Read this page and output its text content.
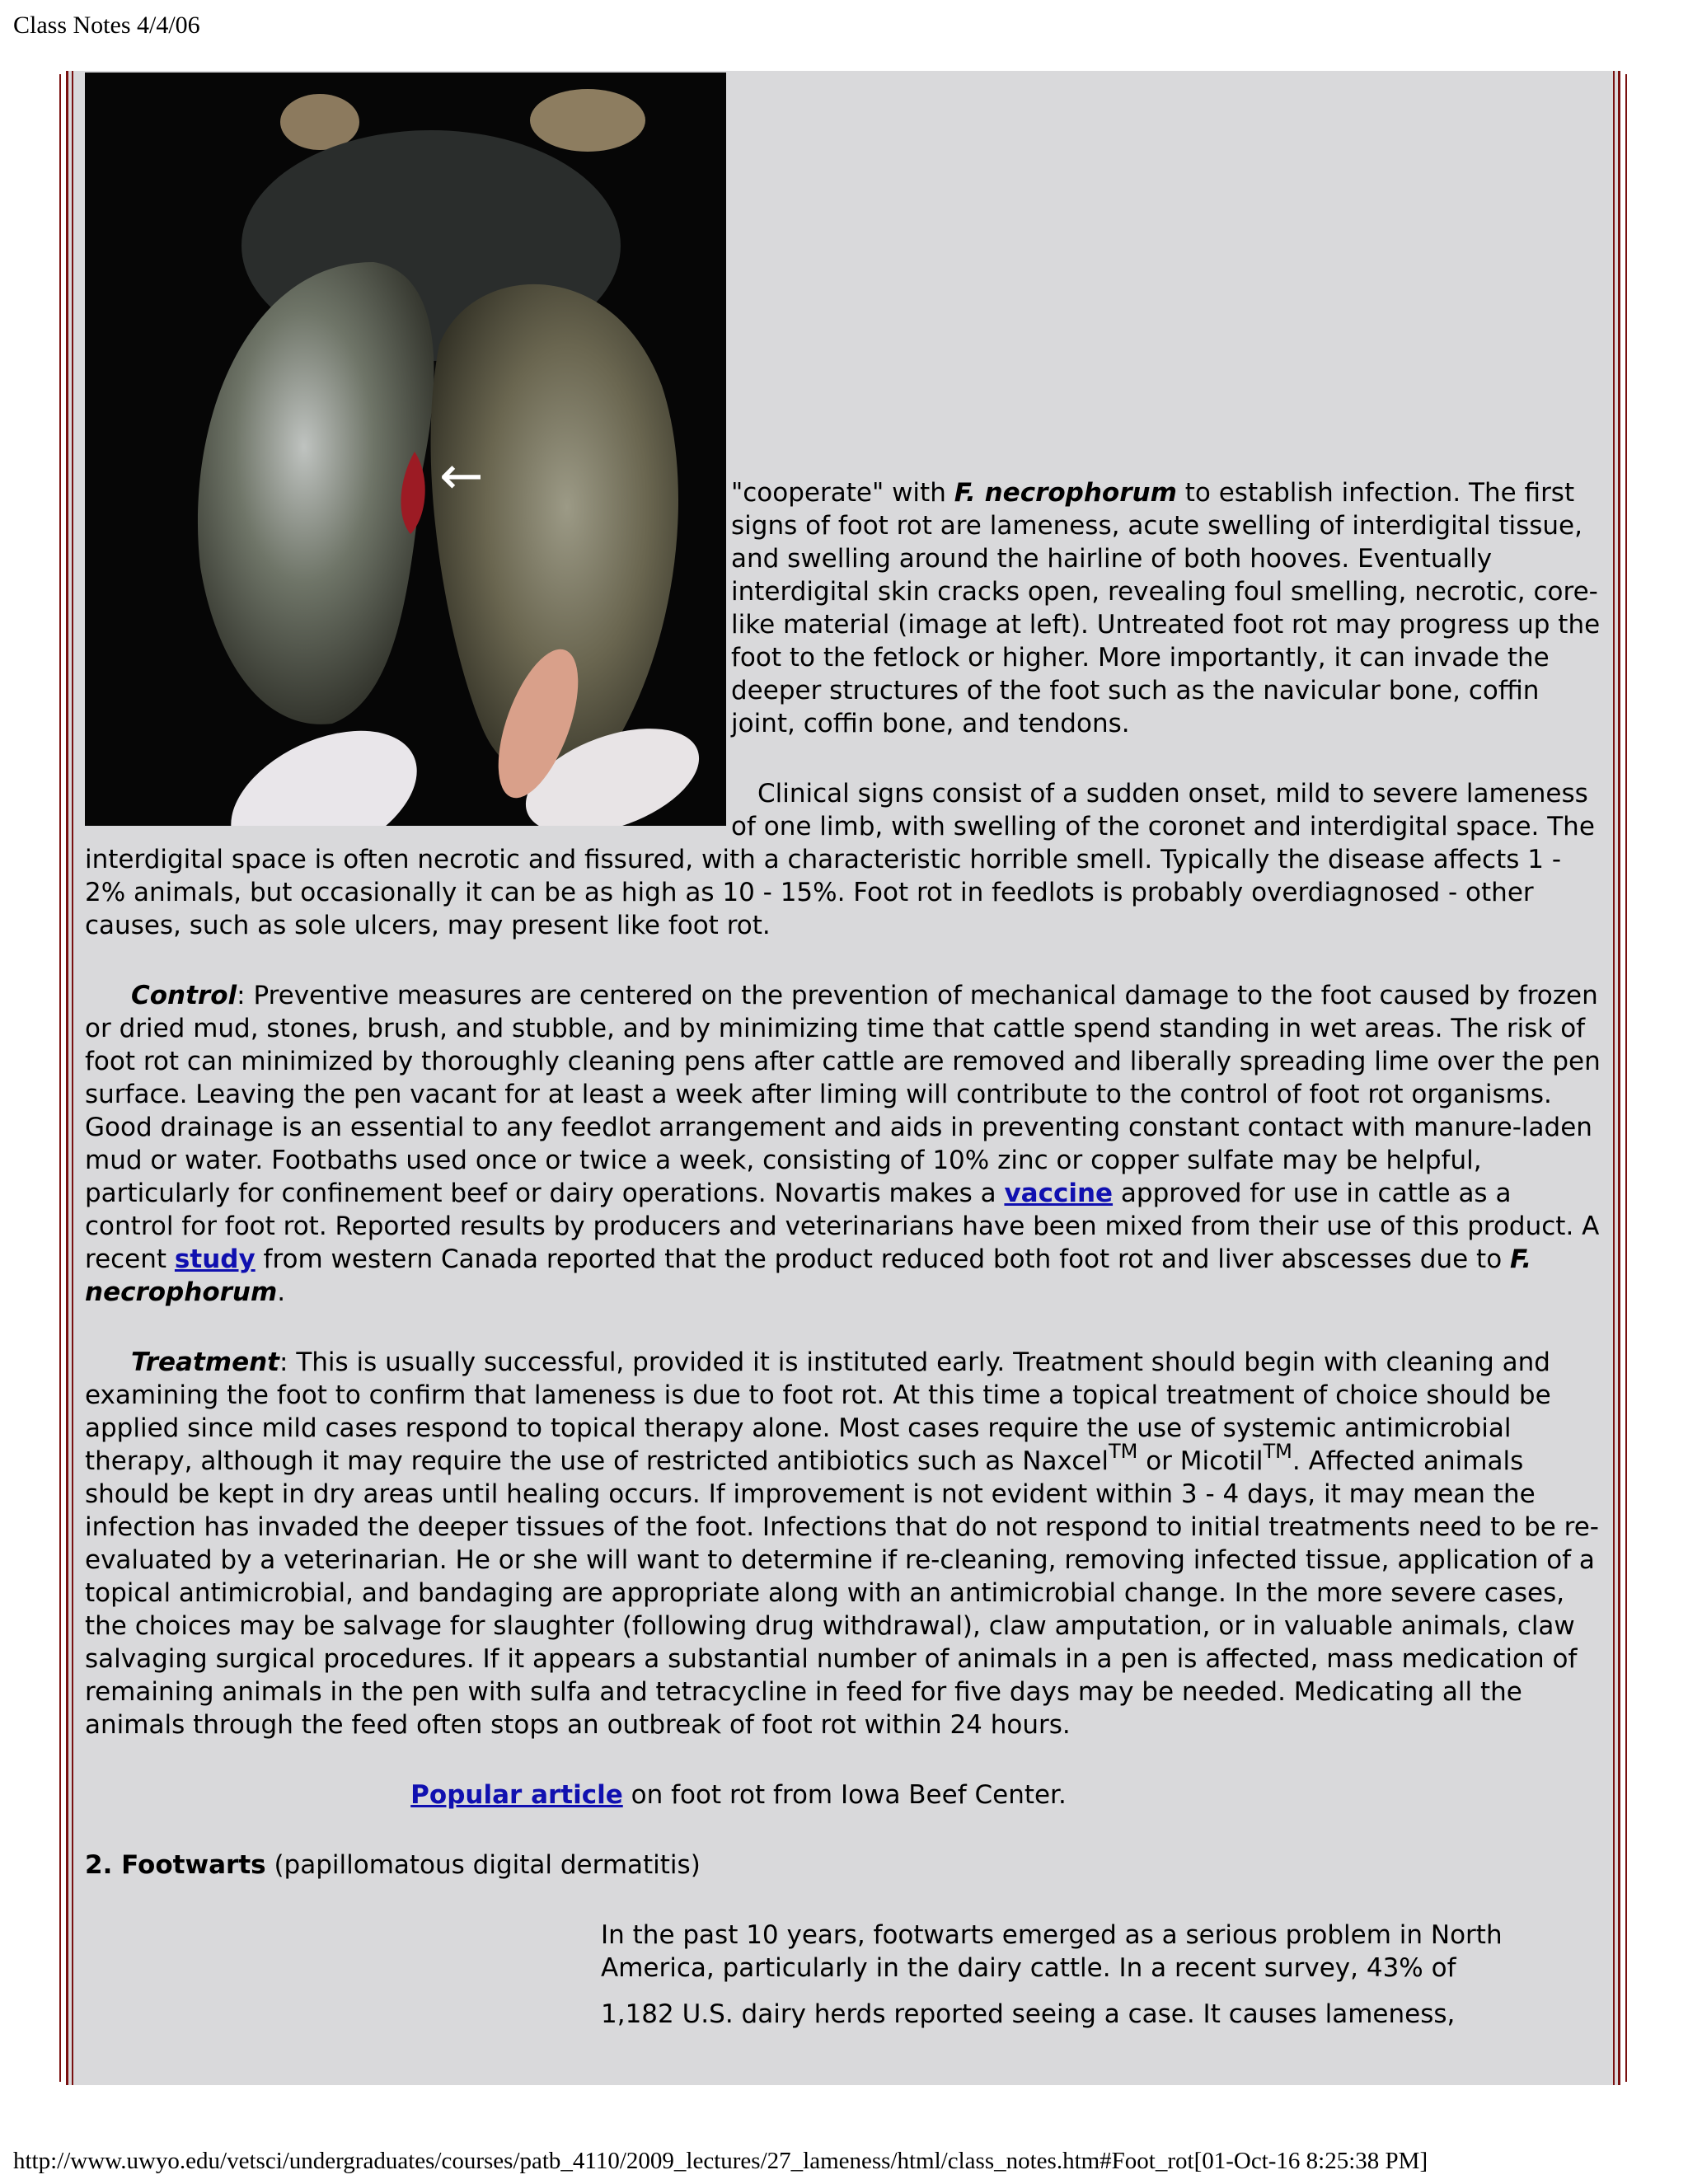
Class Notes 4/4/06
←	"cooperate" with F. necrophorum to establish infection. The first signs of foot rot are lameness, acute swelling of interdigital tissue, and swelling around the hairline of both hooves. Eventually interdigital skin cracks open, revealing foul smelling, necrotic, core-like material (image at left). Untreated foot rot may progress up the foot to the fetlock or higher. More importantly, it can invade the deeper structures of the foot such as the navicular bone, coffin joint, coffin bone, and tendons.

Clinical signs consist of a sudden onset, mild to severe lameness of one limb, with swelling of the coronet and interdigital space. The interdigital space is often necrotic and fissured, with a characteristic horrible smell. Typically the disease affects 1 - 2% animals, but occasionally it can be as high as 10 - 15%. Foot rot in feedlots is probably overdiagnosed - other causes, such as sole ulcers, may present like foot rot.

Control: Preventive measures are centered on the prevention of mechanical damage to the foot caused by frozen or dried mud, stones, brush, and stubble, and by minimizing time that cattle spend standing in wet areas. The risk of foot rot can minimized by thoroughly cleaning pens after cattle are removed and liberally spreading lime over the pen surface. Leaving the pen vacant for at least a week after liming will contribute to the control of foot rot organisms. Good drainage is an essential to any feedlot arrangement and aids in preventing constant contact with manure-laden mud or water. Footbaths used once or twice a week, consisting of 10% zinc or copper sulfate may be helpful, particularly for confinement beef or dairy operations. Novartis makes a vaccine approved for use in cattle as a control for foot rot. Reported results by producers and veterinarians have been mixed from their use of this product. A recent study from western Canada reported that the product reduced both foot rot and liver abscesses due to F. necrophorum.

Treatment: This is usually successful, provided it is instituted early. Treatment should begin with cleaning and examining the foot to confirm that lameness is due to foot rot. At this time a topical treatment of choice should be applied since mild cases respond to topical therapy alone. Most cases require the use of systemic antimicrobial therapy, although it may require the use of restricted antibiotics such as Naxcel™ or Micotil™. Affected animals should be kept in dry areas until healing occurs. If improvement is not evident within 3 - 4 days, it may mean the infection has invaded the deeper tissues of the foot. Infections that do not respond to initial treatments need to be re-evaluated by a veterinarian. He or she will want to determine if re-cleaning, removing infected tissue, application of a topical antimicrobial, and bandaging are appropriate along with an antimicrobial change. In the more severe cases, the choices may be salvage for slaughter (following drug withdrawal), claw amputation, or in valuable animals, claw salvaging surgical procedures. If it appears a substantial number of animals in a pen is affected, mass medication of remaining animals in the pen with sulfa and tetracycline in feed for five days may be needed. Medicating all the animals through the feed often stops an outbreak of foot rot within 24 hours.

Popular article on foot rot from Iowa Beef Center.

2. Footwarts (papillomatous digital dermatitis)

In the past 10 years, footwarts emerged as a serious problem in North America, particularly in the dairy cattle. In a recent survey, 43% of

1,182 U.S. dairy herds reported seeing a case. It causes lameness,

http://www.uwyo.edu/vetsci/undergraduates/courses/patb_4110/2009_lectures/27_lameness/html/class_notes.htm#Foot_rot[01-Oct-16 8:25:38 PM]
